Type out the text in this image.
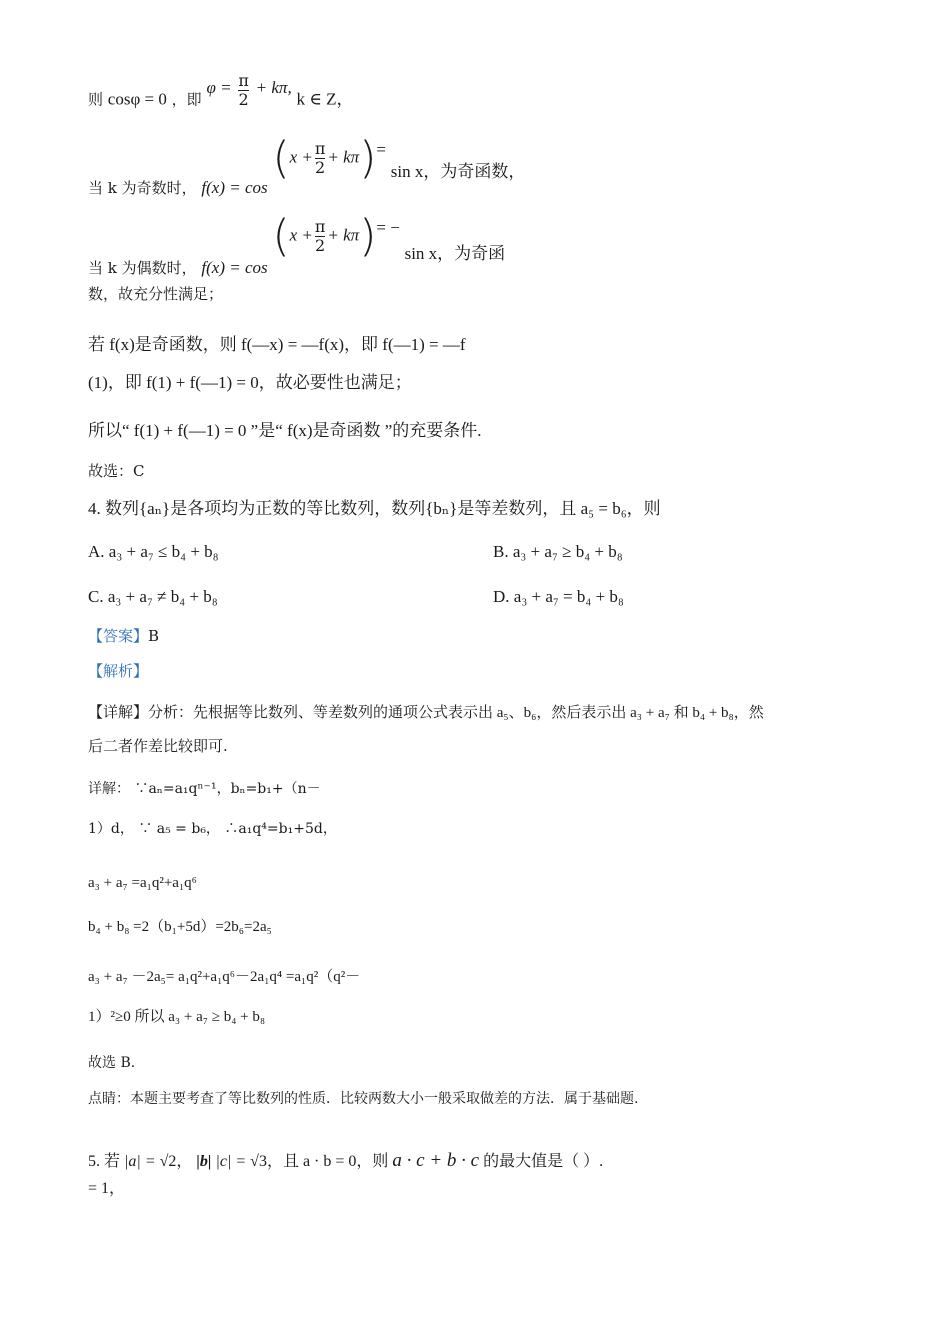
则 cosφ = 0 ，即 $\varphi = \frac{\pi}{2} + k\pi$, k ∈ Z，
当 k 为奇数时， $f(x) = \cos (x + \frac{\pi}{2} + k\pi)= \sin x$，为奇函数，
当 k 为偶数时， $f(x) = \cos (x + \frac{\pi}{2} + k\pi)= - \sin x$，为奇函
数，故充分性满足；
若 f(x)是奇函数，则 f(—x) = —f(x)，即 f(—1) = —f
(1)，即 f(1) + f(—1) = 0，故必要性也满足；
所以“ f(1) + f(—1) = 0 ”是“ f(x)是奇函数 ”的充要条件.
故选：C
4. 数列{aₙ}是各项均为正数的等比数列，数列{bₙ}是等差数列，且 a₅ = b₆，则
A. a₃ + a₇ ≤ b₄ + b₈	B. a₃ + a₇ ≥ b₄ + b₈
C. a₃ + a₇ ≠ b₄ + b₈	D. a₃ + a₇ = b₄ + b₈
【答案】B
【解析】
【详解】分析：先根据等比数列、等差数列的通项公式表示出 a₅、b₆，然后表示出 a₃ + a₇ 和 b₄ + b₈，然
后二者作差比较即可.
详解： ∵aₙ=a₁qⁿ⁻¹，bₙ=b₁+（n－
1）d， ∵ a₅ = b₆， ∴a₁q⁴=b₁+5d，
a₃ + a₇ =a₁q²+a₁q⁶
b₄ + b₈ =2（b₁+5d）=2b₆=2a₅
a₃ + a₇ －2a₅= a₁q²+a₁q⁶－2a₁q⁴ =a₁q²（q²－
1）²≥0 所以 a₃ + a₇ ≥ b₄ + b₈
故选 B.
点睛：本题主要考查了等比数列的性质．比较两数大小一般采取做差的方法．属于基础题.
5. 若 |a| = √2， |b| |c| = √3，且 a · b = 0，则 a · c + b · c 的最大值是（ ）.
= 1，
